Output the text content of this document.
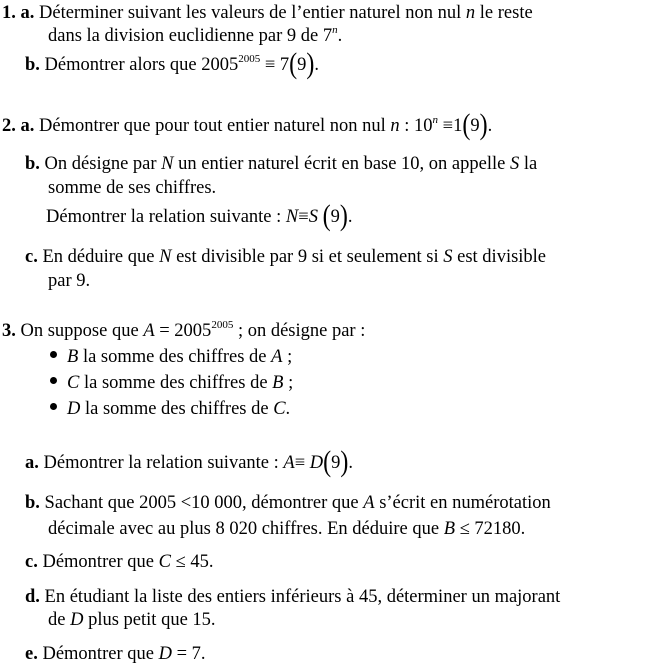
1. a. Déterminer suivant les valeurs de l’entier naturel non nul n le reste
dans la division euclidienne par 9 de 7$^n$.
b. Démontrer alors que $2005^{2005} \equiv 7(9)$.
2. a. Démontrer que pour tout entier naturel non nul n : $10^n \equiv 1(9)$.
b. On désigne par N un entier naturel écrit en base 10, on appelle S la
somme de ses chiffres.
Démontrer la relation suivante : N≡S (9).
c. En déduire que N est divisible par 9 si et seulement si S est divisible
par 9.
3. On suppose que $A = 2005^{2005}$ ; on désigne par :
B la somme des chiffres de A ;
C la somme des chiffres de B ;
D la somme des chiffres de C.
a. Démontrer la relation suivante : A≡ D(9).
b. Sachant que 2005 <10 000, démontrer que A s’écrit en numérotation
décimale avec au plus 8 020 chiffres. En déduire que B ≤ 72180.
c. Démontrer que C ≤ 45.
d. En étudiant la liste des entiers inférieurs à 45, déterminer un majorant
de D plus petit que 15.
e. Démontrer que D = 7.
